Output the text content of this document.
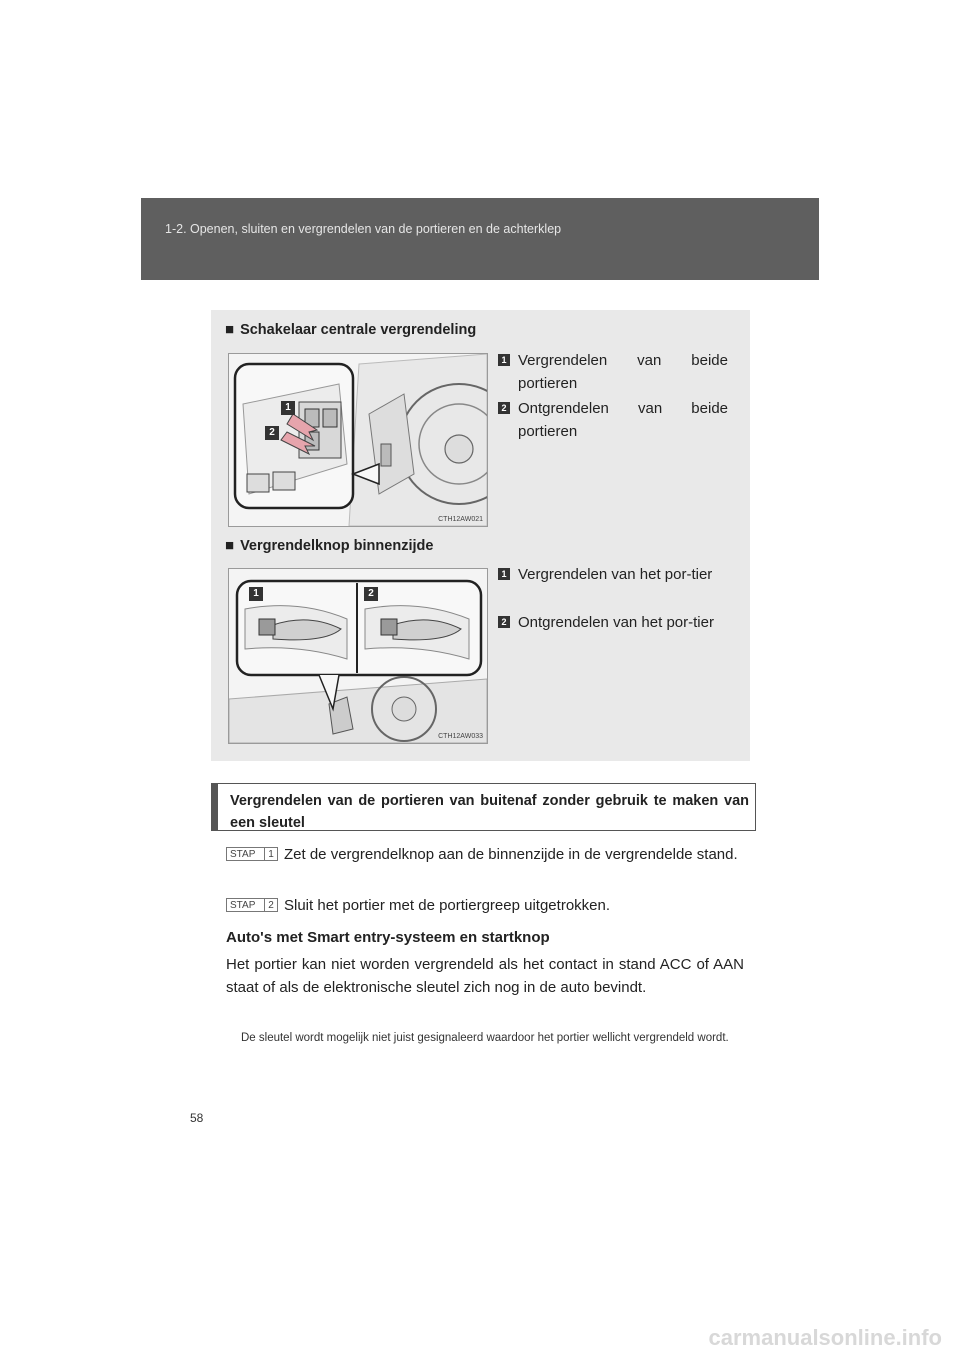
1-2. Openen, sluiten en vergrendelen van de portieren en de achterklep
■ Schakelaar centrale vergrendeling
1
2
CTH12AW021
1 Vergrendelen van beide portieren
2 Ontgrendelen van beide portieren
■ Vergrendelknop binnenzijde
1	2
CTH12AW033
1 Vergrendelen van het por-tier
2 Ontgrendelen van het por-tier
Vergrendelen van de portieren van buitenaf zonder gebruik te maken van een sleutel
STAP	1 Zet de vergrendelknop aan de binnenzijde in de vergrendelde stand.
STAP	2 Sluit het portier met de portiergreep uitgetrokken.
Auto's met Smart entry-systeem en startknop
Het portier kan niet worden vergrendeld als het contact in stand ACC of AAN staat of als de elektronische sleutel zich nog in de auto bevindt.
De sleutel wordt mogelijk niet juist gesignaleerd waardoor het portier wellicht vergrendeld wordt.
58
carmanualsonline.info
